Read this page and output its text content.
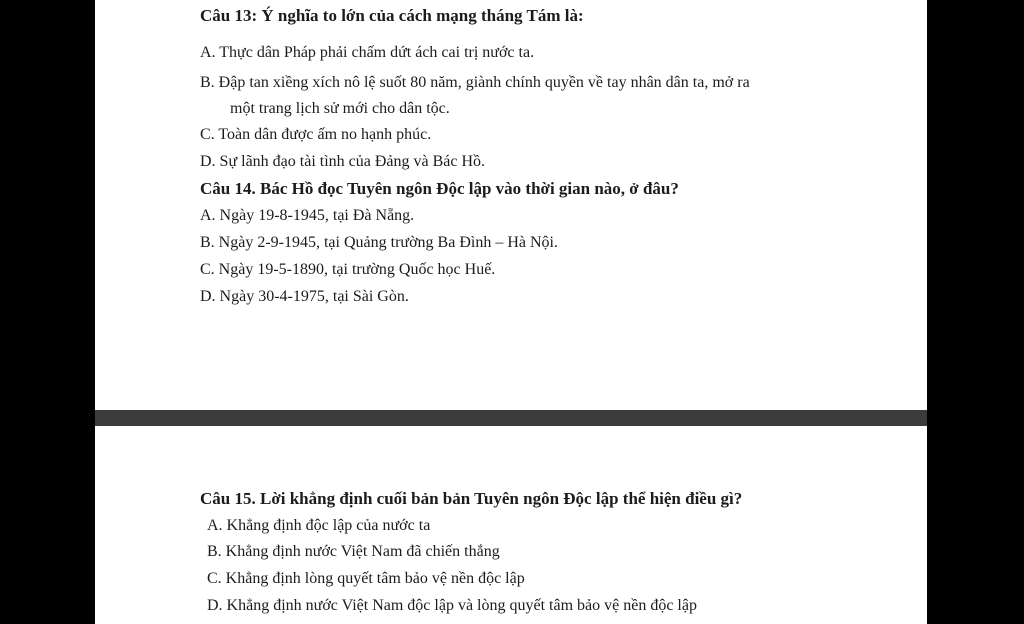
Câu 13: Ý nghĩa to lớn của cách mạng tháng Tám là:
A. Thực dân Pháp phải chấm dứt ách cai trị nước ta.
B. Đập tan xiềng xích nô lệ suốt 80 năm, giành chính quyền về tay nhân dân ta, mở ra
một trang lịch sử mới cho dân tộc.
C. Toàn dân được ấm no hạnh phúc.
D. Sự lãnh đạo tài tình của Đảng và Bác Hồ.
Câu 14. Bác Hồ đọc Tuyên ngôn Độc lập vào thời gian nào, ở đâu?
A. Ngày 19-8-1945, tại Đà Nẵng.
B. Ngày 2-9-1945, tại Quảng trường Ba Đình – Hà Nội.
C. Ngày 19-5-1890, tại trường Quốc học Huế.
D. Ngày 30-4-1975, tại Sài Gòn.
Câu 15. Lời khẳng định cuối bản bản Tuyên ngôn Độc lập thể hiện điều gì?
A. Khẳng định độc lập của nước ta
B. Khẳng định nước Việt Nam đã chiến thắng
C. Khẳng định lòng quyết tâm bảo vệ nền độc lập
D. Khẳng định nước Việt Nam độc lập và lòng quyết tâm bảo vệ nền độc lập
